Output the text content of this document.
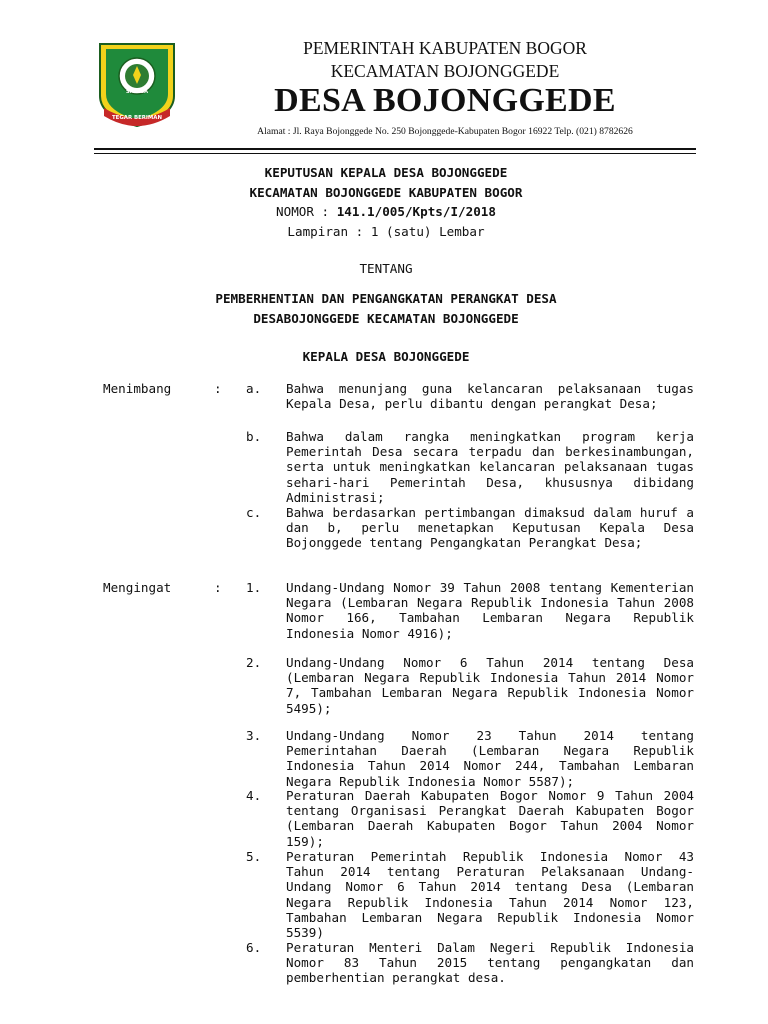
SAYAGA
TEGAR BERIMAN
PEMERINTAH KABUPATEN BOGOR
KECAMATAN BOJONGGEDE
DESA BOJONGGEDE
Alamat : Jl. Raya Bojonggede No. 250 Bojonggede-Kabupaten Bogor 16922 Telp. (021) 8782626
KEPUTUSAN KEPALA DESA BOJONGGEDE
KECAMATAN BOJONGGEDE KABUPATEN BOGOR
NOMOR : 141.1/005/Kpts/I/2018
Lampiran : 1 (satu) Lembar
TENTANG
PEMBERHENTIAN DAN PENGANGKATAN PERANGKAT DESA
DESABOJONGGEDE KECAMATAN BOJONGGEDE
KEPALA DESA BOJONGGEDE
Menimbang	: a.	Bahwa menunjang guna kelancaran pelaksanaan tugas Kepala Desa, perlu dibantu dengan perangkat Desa;
b.	Bahwa dalam rangka meningkatkan program kerja Pemerintah Desa secara terpadu dan berkesinambungan, serta untuk meningkatkan kelancaran pelaksanaan tugas sehari-hari Pemerintah Desa, khususnya dibidang Administrasi;
c.	Bahwa berdasarkan pertimbangan dimaksud dalam huruf a dan b, perlu menetapkan Keputusan Kepala Desa Bojonggede tentang Pengangkatan Perangkat Desa;
Mengingat	: 1.	Undang-Undang Nomor 39 Tahun 2008 tentang Kementerian Negara (Lembaran Negara Republik Indonesia Tahun 2008 Nomor 166, Tambahan Lembaran Negara Republik Indonesia Nomor 4916);
2.	Undang-Undang Nomor 6 Tahun 2014 tentang Desa (Lembaran Negara Republik Indonesia Tahun 2014 Nomor 7, Tambahan Lembaran Negara Republik Indonesia Nomor 5495);
3.	Undang-Undang Nomor 23 Tahun 2014 tentang Pemerintahan Daerah (Lembaran Negara Republik Indonesia Tahun 2014 Nomor 244, Tambahan Lembaran Negara Republik Indonesia Nomor 5587);
4.	Peraturan Daerah Kabupaten Bogor Nomor 9 Tahun 2004 tentang Organisasi Perangkat Daerah Kabupaten Bogor (Lembaran Daerah Kabupaten Bogor Tahun 2004 Nomor 159);
5.	Peraturan Pemerintah Republik Indonesia Nomor 43 Tahun 2014 tentang Peraturan Pelaksanaan Undang-Undang Nomor 6 Tahun 2014 tentang Desa (Lembaran Negara Republik Indonesia Tahun 2014 Nomor 123, Tambahan Lembaran Negara Republik Indonesia Nomor 5539)
6.	Peraturan Menteri Dalam Negeri Republik Indonesia Nomor 83 Tahun 2015 tentang pengangkatan dan pemberhentian perangkat desa.
